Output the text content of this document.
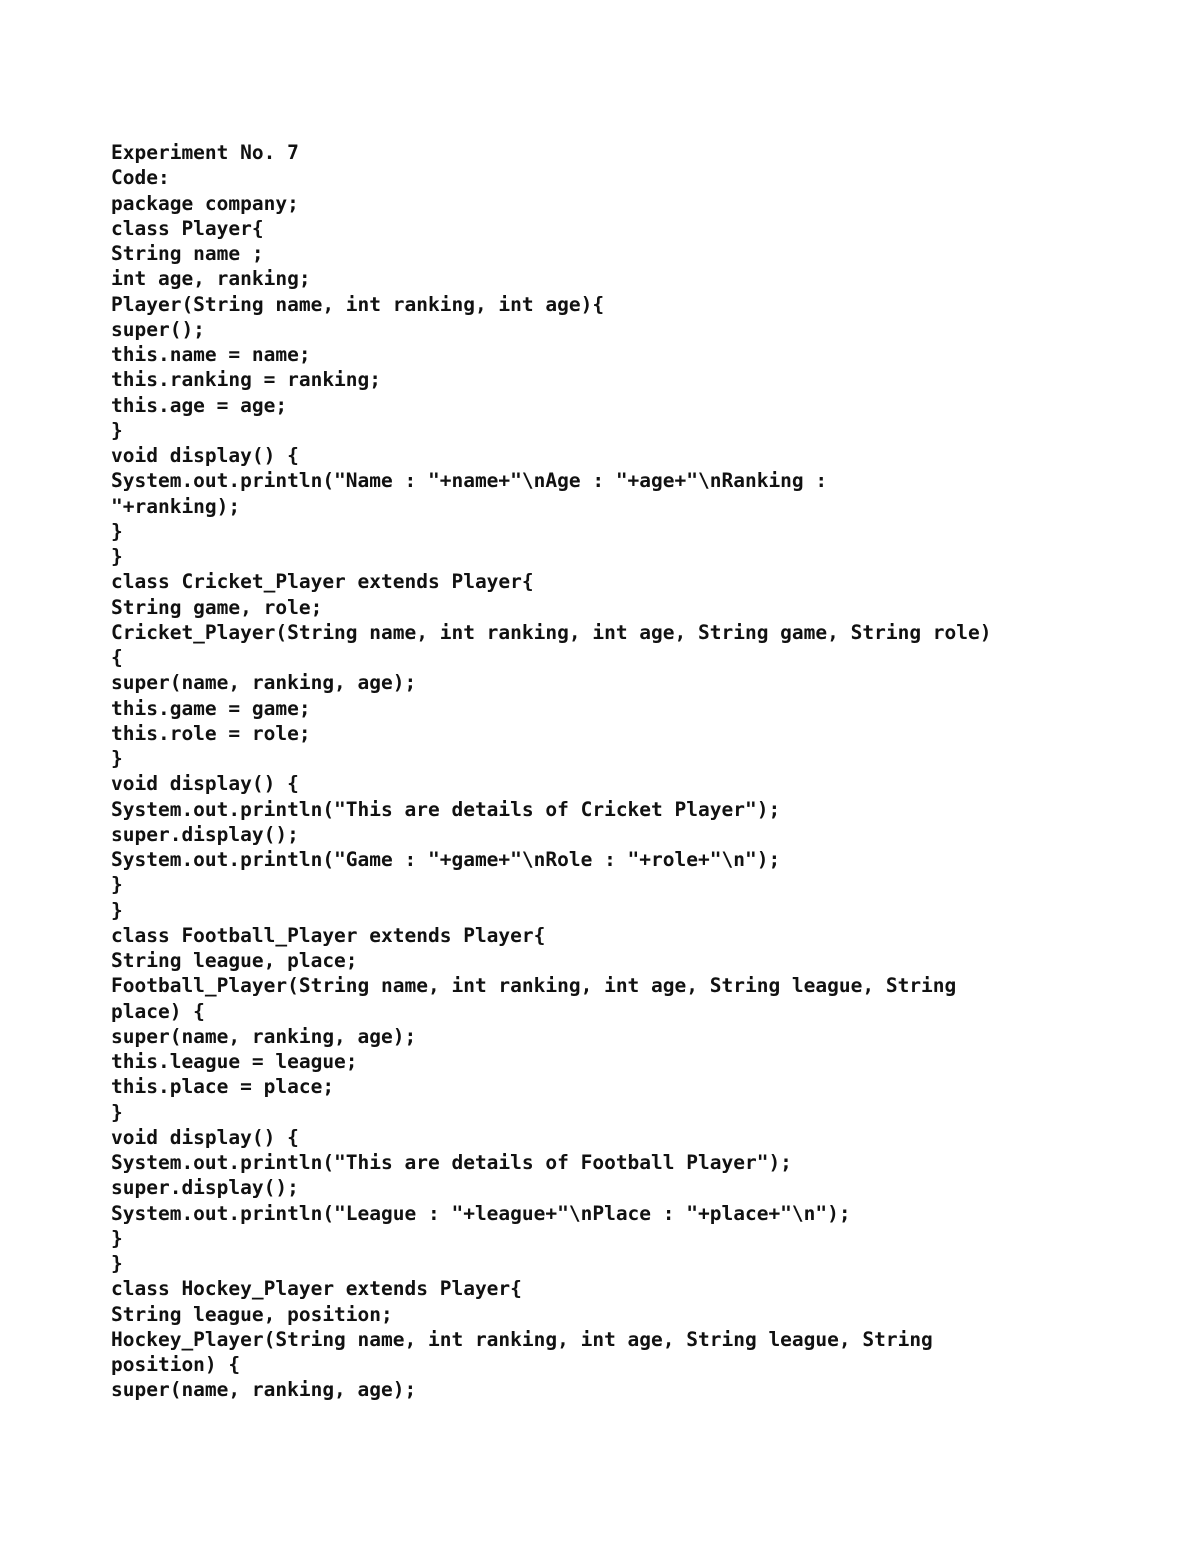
Experiment No. 7
Code:
package company;
class Player{
String name ;
int age, ranking;
Player(String name, int ranking, int age){
super();
this.name = name;
this.ranking = ranking;
this.age = age;
}
void display() {
System.out.println("Name : "+name+"\nAge : "+age+"\nRanking :
"+ranking);
}
}
class Cricket_Player extends Player{
String game, role;
Cricket_Player(String name, int ranking, int age, String game, String role)
{
super(name, ranking, age);
this.game = game;
this.role = role;
}
void display() {
System.out.println("This are details of Cricket Player");
super.display();
System.out.println("Game : "+game+"\nRole : "+role+"\n");
}
}
class Football_Player extends Player{
String league, place;
Football_Player(String name, int ranking, int age, String league, String
place) {
super(name, ranking, age);
this.league = league;
this.place = place;
}
void display() {
System.out.println("This are details of Football Player");
super.display();
System.out.println("League : "+league+"\nPlace : "+place+"\n");
}
}
class Hockey_Player extends Player{
String league, position;
Hockey_Player(String name, int ranking, int age, String league, String
position) {
super(name, ranking, age);
